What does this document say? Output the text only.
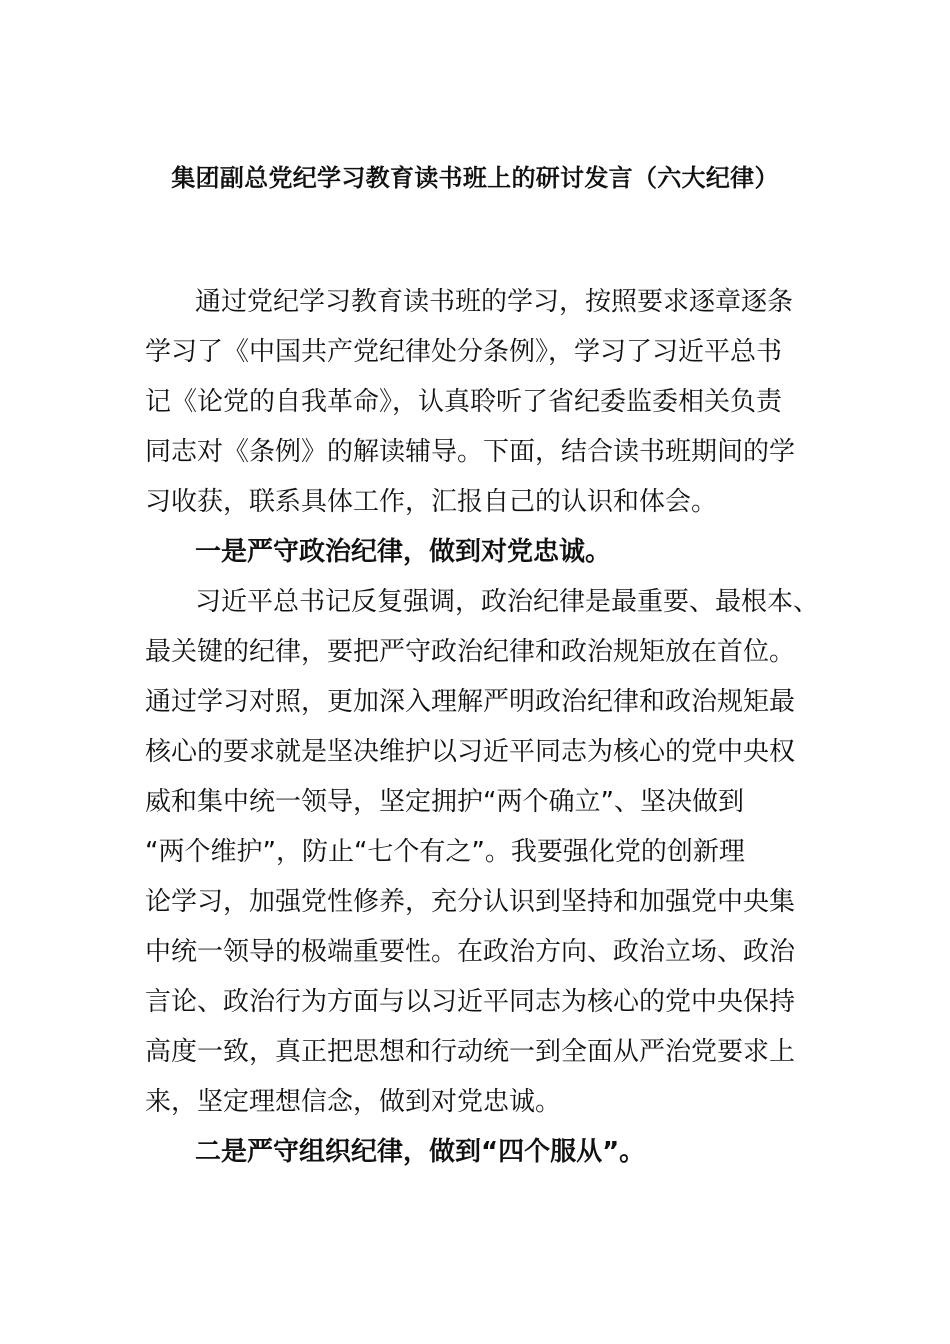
集团副总党纪学习教育读书班上的研讨发言（六大纪律）
通过党纪学习教育读书班的学习，按照要求逐章逐条
学习了《中国共产党纪律处分条例》，学习了习近平总书
记《论党的自我革命》，认真聆听了省纪委监委相关负责
同志对《条例》的解读辅导。下面，结合读书班期间的学
习收获，联系具体工作，汇报自己的认识和体会。
一是严守政治纪律，做到对党忠诚。
习近平总书记反复强调，政治纪律是最重要、最根本、
最关键的纪律，要把严守政治纪律和政治规矩放在首位。
通过学习对照，更加深入理解严明政治纪律和政治规矩最
核心的要求就是坚决维护以习近平同志为核心的党中央权
威和集中统一领导，坚定拥护“两个确立”、坚决做到
“两个维护”，防止“七个有之”。我要强化党的创新理
论学习，加强党性修养，充分认识到坚持和加强党中央集
中统一领导的极端重要性。在政治方向、政治立场、政治
言论、政治行为方面与以习近平同志为核心的党中央保持
高度一致，真正把思想和行动统一到全面从严治党要求上
来，坚定理想信念，做到对党忠诚。
二是严守组织纪律，做到“四个服从”。
